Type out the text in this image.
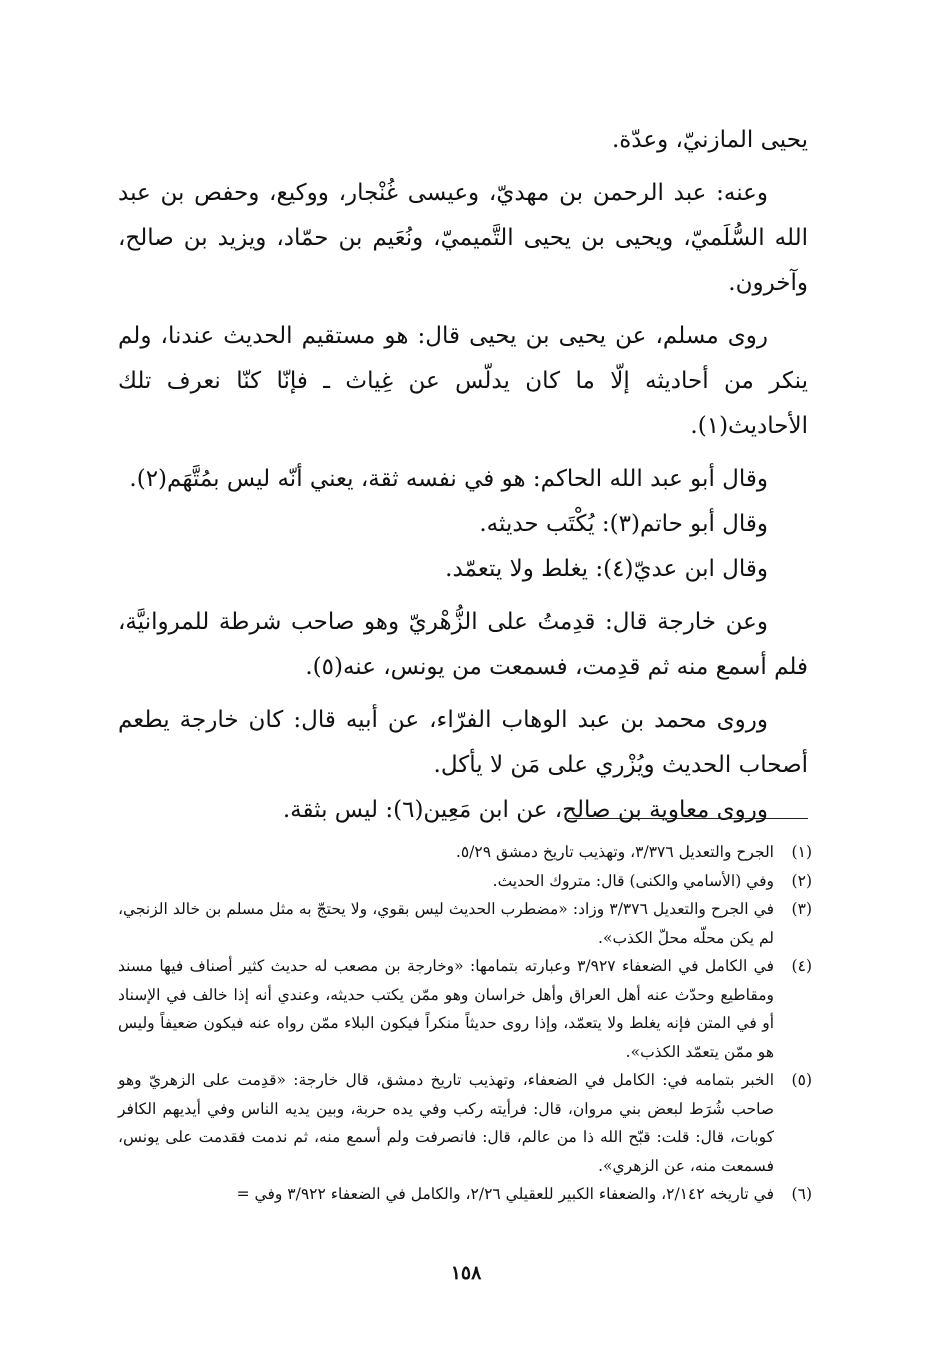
يحيى المازنيّ، وعدّة.

وعنه: عبد الرحمن بن مهديّ، وعيسى غُنْجار، ووكيع، وحفص بن عبد الله السُّلَميّ، ويحيى بن يحيى التَّميميّ، ونُعَيم بن حمّاد، ويزيد بن صالح، وآخرون.

روى مسلم، عن يحيى بن يحيى قال: هو مستقيم الحديث عندنا، ولم ينكر من أحاديثه إلّا ما كان يدلّس عن غِياث ـ فإنّا كنّا نعرف تلك الأحاديث(١).

وقال أبو عبد الله الحاكم: هو في نفسه ثقة، يعني أنّه ليس بمُتَّهَم(٢).

وقال أبو حاتم(٣): يُكْتَب حديثه.

وقال ابن عديّ(٤): يغلط ولا يتعمّد.

وعن خارجة قال: قدِمتُ على الزُّهْريّ وهو صاحب شرطة للمروانيَّة، فلم أسمع منه ثم قدِمت، فسمعت من يونس، عنه(٥).

وروى محمد بن عبد الوهاب الفرّاء، عن أبيه قال: كان خارجة يطعم أصحاب الحديث ويُزْري على مَن لا يأكل.

وروى معاوية بن صالح، عن ابن مَعِين(٦): ليس بثقة.

(١)
الجرح والتعديل ٣/٣٧٦، وتهذيب تاريخ دمشق ٥/٢٩.
(٢)
وفي (الأسامي والكنى) قال: متروك الحديث.
(٣)
في الجرح والتعديل ٣/٣٧٦ وزاد: «مضطرب الحديث ليس بقوي، ولا يحتجّ به مثل مسلم بن خالد الزنجي، لم يكن محلّه محلّ الكذب».
(٤)
في الكامل في الضعفاء ٣/٩٢٧ وعبارته بتمامها: «وخارجة بن مصعب له حديث كثير أصناف فيها مسند ومقاطيع وحدّث عنه أهل العراق وأهل خراسان وهو ممّن يكتب حديثه، وعندي أنه إذا خالف في الإسناد أو في المتن فإنه يغلط ولا يتعمّد، وإذا روى حديثاً منكراً فيكون البلاء ممّن رواه عنه فيكون ضعيفاً وليس هو ممّن يتعمّد الكذب».
(٥)
الخبر بتمامه في: الكامل في الضعفاء، وتهذيب تاريخ دمشق، قال خارجة: «قدِمت على الزهريّ وهو صاحب شُرَط لبعض بني مروان، قال: فرأيته ركب وفي يده حربة، وبين يديه الناس وفي أيديهم الكافر كوبات، قال: قلت: قبّح الله ذا من عالم، قال: فانصرفت ولم أسمع منه، ثم ندمت فقدمت على يونس، فسمعت منه، عن الزهري».
(٦)
في تاريخه ٢/١٤٢، والضعفاء الكبير للعقيلي ٢/٢٦، والكامل في الضعفاء ٣/٩٢٢ وفي =
١٥٨
